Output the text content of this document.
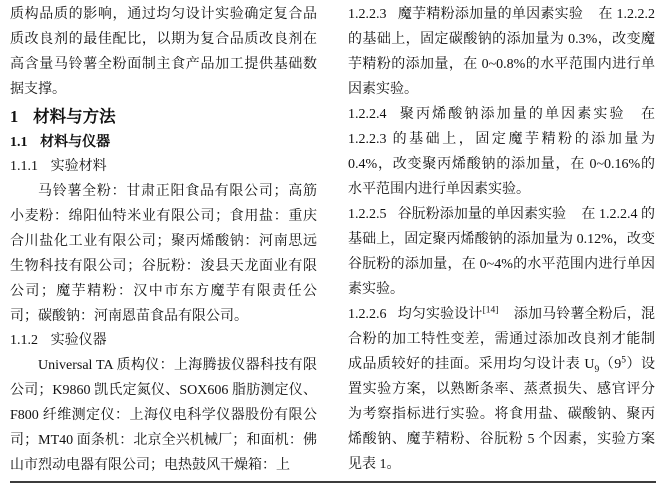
质构品质的影响，通过均匀设计实验确定复合品质改良剂的最佳配比，以期为复合品质改良剂在高含量马铃薯全粉面制主食产品加工提供基础数据支撑。

1 材料与方法
1.1 材料与仪器
1.1.1 实验材料

马铃薯全粉：甘肃正阳食品有限公司；高筋小麦粉：绵阳仙特米业有限公司；食用盐：重庆合川盐化工业有限公司；聚丙烯酸钠：河南思远生物科技有限公司；谷朊粉：浚县天龙面业有限公司；魔芋精粉：汉中市东方魔芋有限责任公司；碳酸钠：河南恩苗食品有限公司。

1.1.2 实验仪器

Universal TA 质构仪：上海腾拔仪器科技有限公司；K9860 凯氏定氮仪、SOX606 脂肪测定仪、F800 纤维测定仪：上海仪电科学仪器股份有限公司；MT40 面条机：北京全兴机械厂；和面机：佛山市烈动电器有限公司；电热鼓风干燥箱：上

1.2.2.3 魔芋精粉添加量的单因素实验 在 1.2.2.2 的基础上，固定碳酸钠的添加量为 0.3%，改变魔芋精粉的添加量，在 0~0.8%的水平范围内进行单因素实验。

1.2.2.4 聚丙烯酸钠添加量的单因素实验 在 1.2.2.3 的基础上，固定魔芋精粉的添加量为 0.4%，改变聚丙烯酸钠的添加量，在 0~0.16%的水平范围内进行单因素实验。

1.2.2.5 谷朊粉添加量的单因素实验 在 1.2.2.4 的基础上，固定聚丙烯酸钠的添加量为 0.12%，改变谷朊粉的添加量，在 0~4%的水平范围内进行单因素实验。

1.2.2.6 均匀实验设计[14] 添加马铃薯全粉后，混合粉的加工特性变差，需通过添加改良剂才能制成品质较好的挂面。采用均匀设计表 $U_9(9^5)$设置实验方案，以熟断条率、蒸煮损失、感官评分为考察指标进行实验。将食用盐、碳酸钠、聚丙烯酸钠、魔芋精粉、谷朊粉 5 个因素，实验方案见表 1。
